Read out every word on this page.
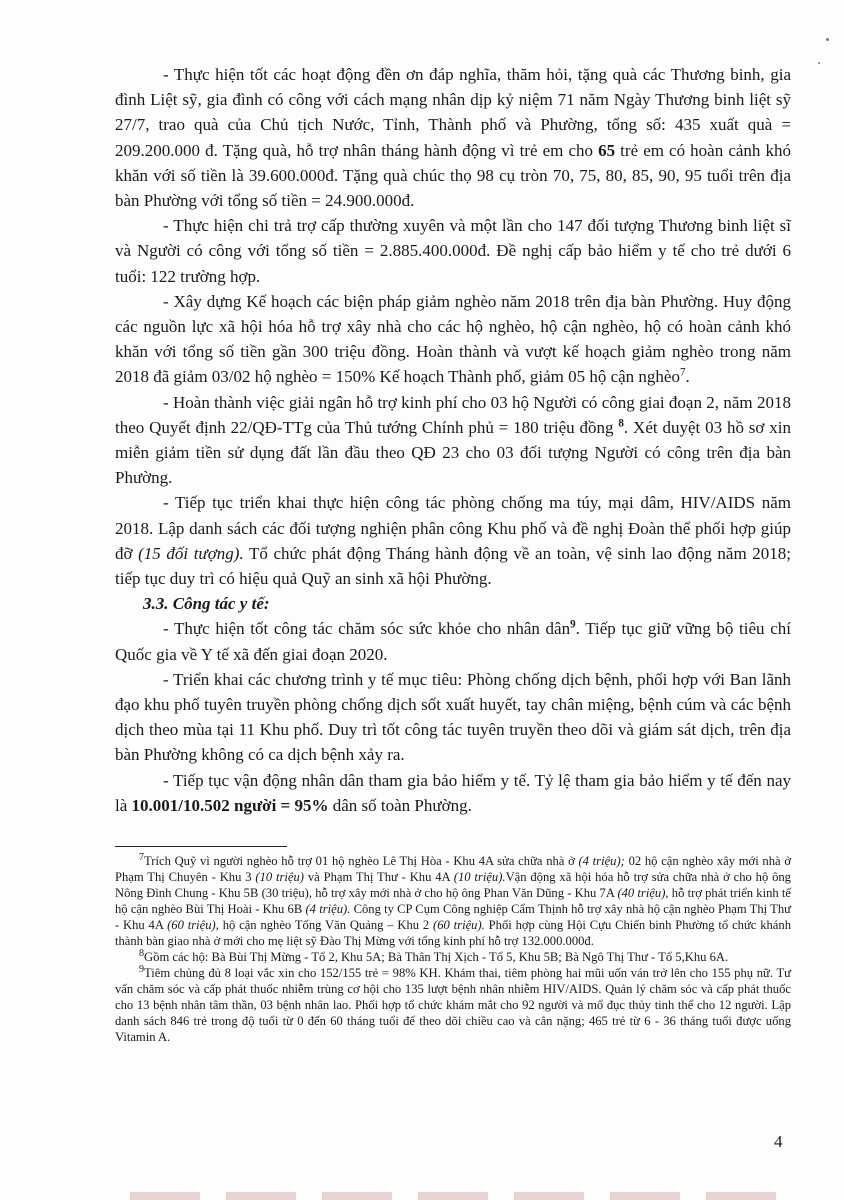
- Thực hiện tốt các hoạt động đền ơn đáp nghĩa, thăm hỏi, tặng quà các Thương binh, gia đình Liệt sỹ, gia đình có công với cách mạng nhân dịp kỷ niệm 71 năm Ngày Thương binh liệt sỹ 27/7, trao quà của Chủ tịch Nước, Tỉnh, Thành phố và Phường, tổng số: 435 xuất quà = 209.200.000 đ. Tặng quà, hỗ trợ nhân tháng hành động vì trẻ em cho 65 trẻ em có hoàn cảnh khó khăn với số tiền là 39.600.000đ. Tặng quà chúc thọ 98 cụ tròn 70, 75, 80, 85, 90, 95 tuổi trên địa bàn Phường với tổng số tiền = 24.900.000đ.

- Thực hiện chi trả trợ cấp thường xuyên và một lần cho 147 đối tượng Thương binh liệt sĩ và Người có công với tổng số tiền = 2.885.400.000đ. Đề nghị cấp bảo hiểm y tế cho trẻ dưới 6 tuổi: 122 trường hợp.

- Xây dựng Kế hoạch các biện pháp giảm nghèo năm 2018 trên địa bàn Phường. Huy động các nguồn lực xã hội hóa hỗ trợ xây nhà cho các hộ nghèo, hộ cận nghèo, hộ có hoàn cảnh khó khăn với tổng số tiền gần 300 triệu đồng. Hoàn thành và vượt kế hoạch giảm nghèo trong năm 2018 đã giảm 03/02 hộ nghèo = 150% Kế hoạch Thành phố, giảm 05 hộ cận nghèo$^7$.

- Hoàn thành việc giải ngân hỗ trợ kinh phí cho 03 hộ Người có công giai đoạn 2, năm 2018 theo Quyết định 22/QĐ-TTg của Thủ tướng Chính phủ = 180 triệu đồng $^8$. Xét duyệt 03 hồ sơ xin miễn giảm tiền sử dụng đất lần đầu theo QĐ 23 cho 03 đối tượng Người có công trên địa bàn Phường.

- Tiếp tục triển khai thực hiện công tác phòng chống ma túy, mại dâm, HIV/AIDS năm 2018. Lập danh sách các đối tượng nghiện phân công Khu phố và đề nghị Đoàn thể phối hợp giúp đỡ (15 đối tượng). Tổ chức phát động Tháng hành động về an toàn, vệ sinh lao động năm 2018; tiếp tục duy trì có hiệu quả Quỹ an sinh xã hội Phường.

3.3. Công tác y tế:

- Thực hiện tốt công tác chăm sóc sức khỏe cho nhân dân$^9$. Tiếp tục giữ vững bộ tiêu chí Quốc gia về Y tế xã đến giai đoạn 2020.

- Triển khai các chương trình y tế mục tiêu: Phòng chống dịch bệnh, phối hợp với Ban lãnh đạo khu phố tuyên truyền phòng chống dịch sốt xuất huyết, tay chân miệng, bệnh cúm và các bệnh dịch theo mùa tại 11 Khu phố. Duy trì tốt công tác tuyên truyền theo dõi và giám sát dịch, trên địa bàn Phường không có ca dịch bệnh xảy ra.

- Tiếp tục vận động nhân dân tham gia bảo hiểm y tế. Tỷ lệ tham gia bảo hiểm y tế đến nay là 10.001/10.502 người = 95% dân số toàn Phường.

$^7$Trích Quỹ vì người nghèo hỗ trợ 01 hộ nghèo Lê Thị Hòa - Khu 4A sửa chữa nhà ở (4 triệu); 02 hộ cận nghèo xây mới nhà ở Phạm Thị Chuyên - Khu 3 (10 triệu) và Phạm Thị Thư - Khu 4A (10 triệu).Vận động xã hội hóa hỗ trợ sửa chữa nhà ở cho hộ ông Nông Đình Chung - Khu 5B (30 triệu), hỗ trợ xây mới nhà ở cho hộ ông Phan Văn Dũng - Khu 7A (40 triệu), hỗ trợ phát triển kinh tế hộ cận nghèo Bùi Thị Hoài - Khu 6B (4 triệu). Công ty CP Cụm Công nghiệp Cẩm Thịnh hỗ trợ xây nhà hộ cận nghèo Phạm Thị Thư - Khu 4A (60 triệu), hộ cận nghèo Tống Văn Quảng – Khu 2 (60 triệu). Phối hợp cùng Hội Cựu Chiến binh Phường tổ chức khánh thành bàn giao nhà ở mới cho mẹ liệt sỹ Đào Thị Mừng với tổng kinh phí hỗ trợ 132.000.000đ.

$^8$Gồm các hộ: Bà Bùi Thị Mừng - Tổ 2, Khu 5A; Bà Thân Thị Xịch - Tổ 5, Khu 5B; Bà Ngô Thị Thư - Tổ 5,Khu 6A.

$^9$Tiêm chủng đủ 8 loại vắc xin cho 152/155 trẻ = 98% KH. Khám thai, tiêm phòng hai mũi uốn ván trở lên cho 155 phụ nữ. Tư vấn chăm sóc và cấp phát thuốc nhiễm trùng cơ hội cho 135 lượt bệnh nhân nhiễm HIV/AIDS. Quản lý chăm sóc và cấp phát thuốc cho 13 bệnh nhân tâm thần, 03 bệnh nhân lao. Phối hợp tổ chức khám mắt cho 92 người và mổ đục thủy tinh thể cho 12 người. Lập danh sách 846 trẻ trong độ tuổi từ 0 đến 60 tháng tuổi để theo dõi chiều cao và cân nặng; 465 trẻ từ 6 - 36 tháng tuổi được uống Vitamin A.

4
